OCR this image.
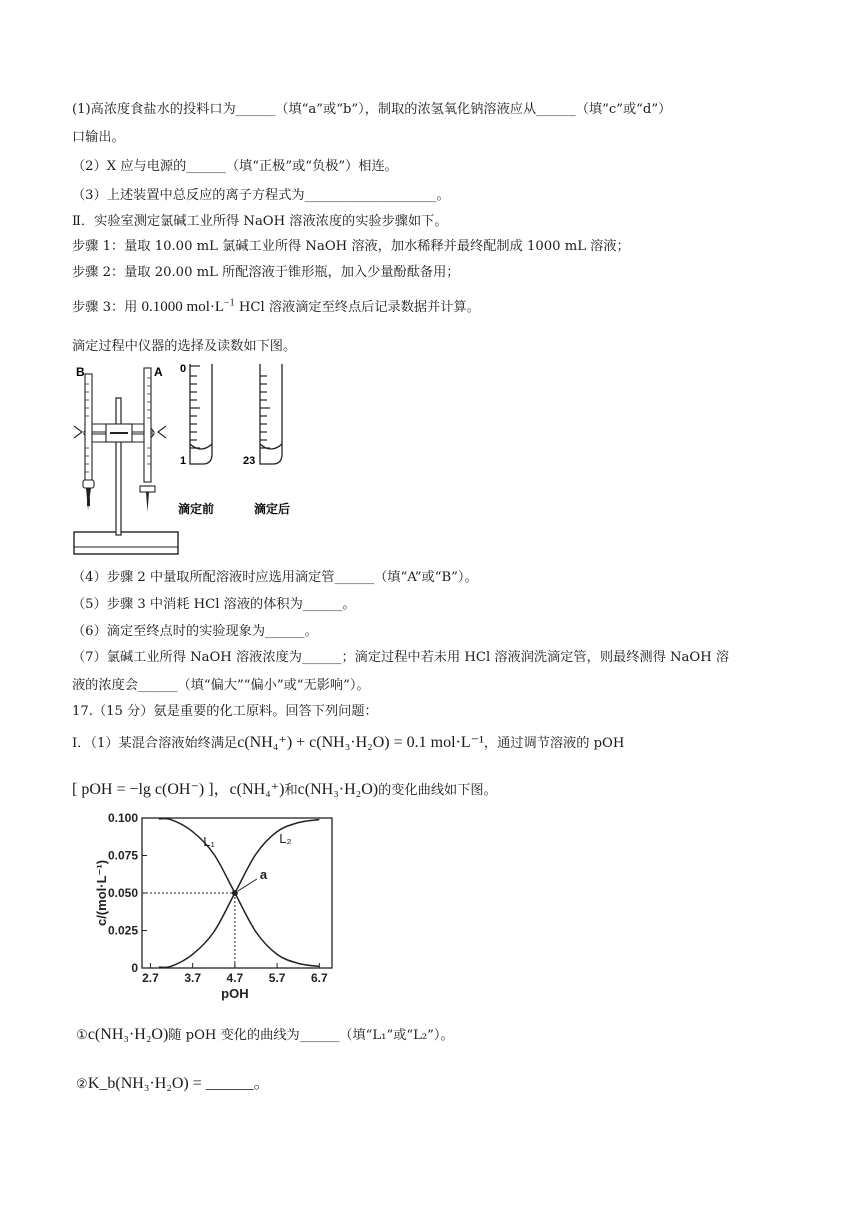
(1)高浓度食盐水的投料口为______（填“a”或“b”），制取的浓氢氧化钠溶液应从______（填“c”或“d”）
口输出。
（2）X 应与电源的______（填“正极”或“负极”）相连。
（3）上述装置中总反应的离子方程式为____________________。
Ⅱ．实验室测定氯碱工业所得 NaOH 溶液浓度的实验步骤如下。
步骤 1：量取 10.00 mL 氯碱工业所得 NaOH 溶液，加水稀释并最终配制成 1000 mL 溶液；
步骤 2：量取 20.00 mL 所配溶液于锥形瓶，加入少量酚酞备用；
步骤 3：用 0.1000 $mol\cdot L^{-1}$ HCl 溶液滴定至终点后记录数据并计算。
滴定过程中仪器的选择及读数如下图。
B	A 0
1
滴定前
23
滴定后
（4）步骤 2 中量取所配溶液时应选用滴定管______（填“A”或“B”）。
（5）步骤 3 中消耗 HCl 溶液的体积为______。
（6）滴定至终点时的实验现象为______。
（7）氯碱工业所得 NaOH 溶液浓度为______；滴定过程中若未用 HCl 溶液润洗滴定管，则最终测得 NaOH 溶
液的浓度会______（填“偏大”“偏小”或“无影响”）。
17.（15 分）氨是重要的化工原料。回答下列问题：
Ⅰ．（1）某混合溶液始终满足c(NH₄⁺) + c(NH₃·H₂O) = 0.1 mol·L⁻¹，通过调节溶液的 pOH
[ pOH = −lg c(OH⁻) ]，c(NH₄⁺)和c(NH₃·H₂O)的变化曲线如下图。
0
0.025
0.050
0.075
0.100
2.7 3.7 4.7 5.7 6.7
pOH
c/(mol·L⁻¹)
L₁	L₂
a
①c(NH₃·H₂O)随 pOH 变化的曲线为______（填“L₁”或“L₂”）。
②K_b(NH₃·H₂O) = ______。
